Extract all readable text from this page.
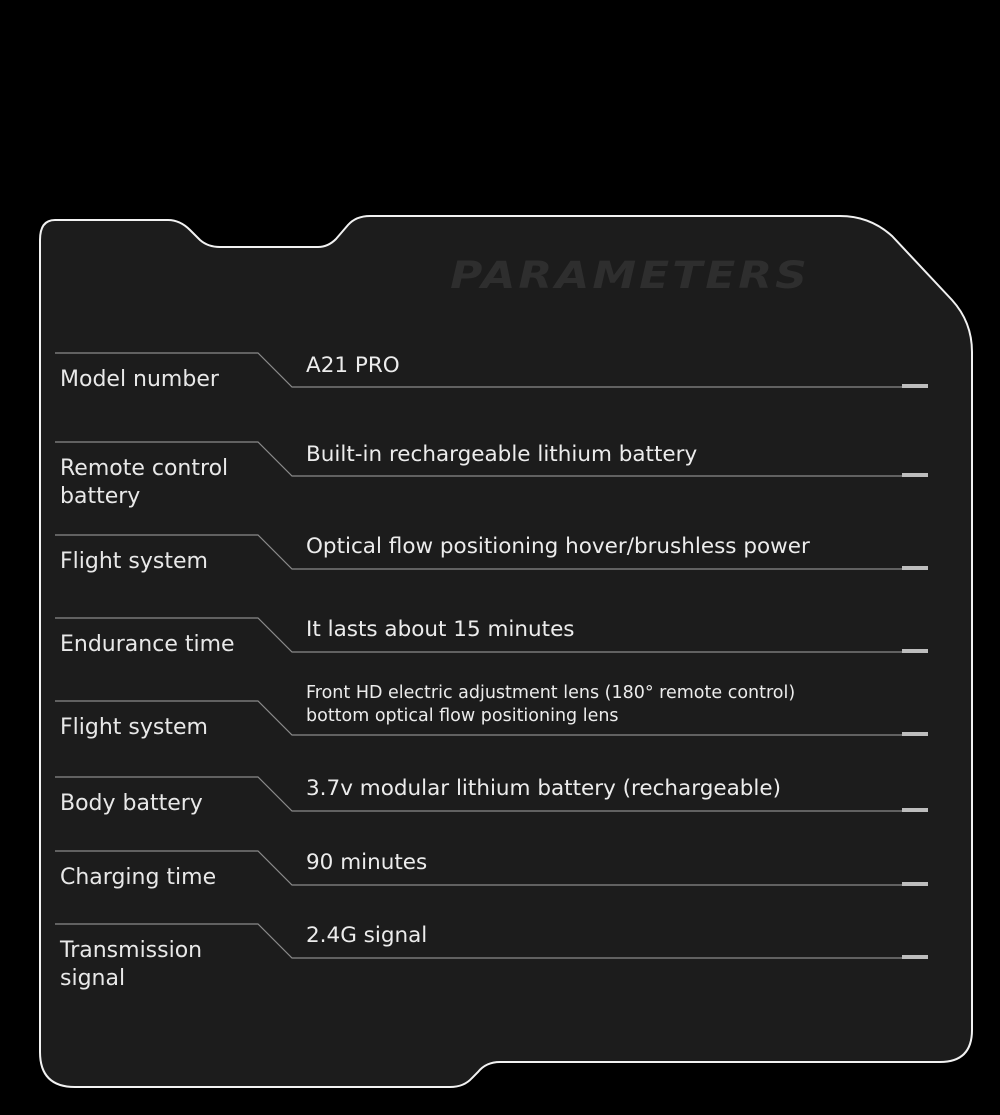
PARAMETERS
Model number
A21 PRO
Remote control battery
Built-in rechargeable lithium battery
Flight system
Optical flow positioning hover/brushless power
Endurance time
It lasts about 15 minutes
Flight system
Front HD electric adjustment lens (180° remote control)
bottom optical flow positioning lens
Body battery
3.7v modular lithium battery (rechargeable)
Charging time
90 minutes
Transmission signal
2.4G signal
